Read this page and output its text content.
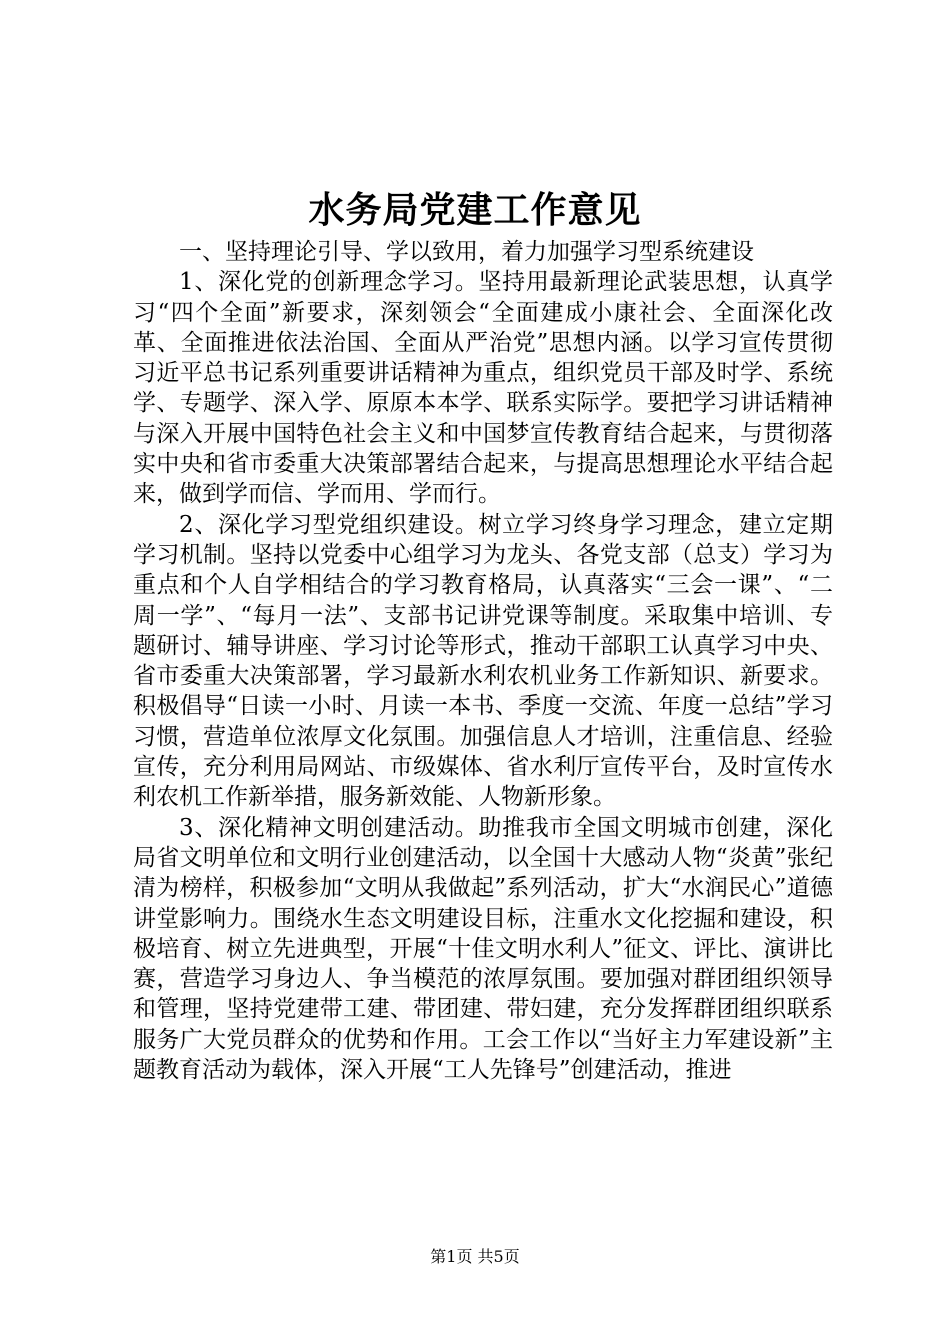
水务局党建工作意见

一、坚持理论引导、学以致用，着力加强学习型系统建设

1、深化党的创新理念学习。坚持用最新理论武装思想，认真学习“四个全面”新要求，深刻领会“全面建成小康社会、全面深化改革、全面推进依法治国、全面从严治党”思想内涵。以学习宣传贯彻习近平总书记系列重要讲话精神为重点，组织党员干部及时学、系统学、专题学、深入学、原原本本学、联系实际学。要把学习讲话精神与深入开展中国特色社会主义和中国梦宣传教育结合起来，与贯彻落实中央和省市委重大决策部署结合起来，与提高思想理论水平结合起来，做到学而信、学而用、学而行。

2、深化学习型党组织建设。树立学习终身学习理念，建立定期学习机制。坚持以党委中心组学习为龙头、各党支部（总支）学习为重点和个人自学相结合的学习教育格局，认真落实“三会一课”、“二周一学”、“每月一法”、支部书记讲党课等制度。采取集中培训、专题研讨、辅导讲座、学习讨论等形式，推动干部职工认真学习中央、省市委重大决策部署，学习最新水利农机业务工作新知识、新要求。积极倡导“日读一小时、月读一本书、季度一交流、年度一总结”学习习惯，营造单位浓厚文化氛围。加强信息人才培训，注重信息、经验宣传，充分利用局网站、市级媒体、省水利厅宣传平台，及时宣传水利农机工作新举措，服务新效能、人物新形象。

3、深化精神文明创建活动。助推我市全国文明城市创建，深化局省文明单位和文明行业创建活动，以全国十大感动人物“炎黄”张纪清为榜样，积极参加“文明从我做起”系列活动，扩大“水润民心”道德讲堂影响力。围绕水生态文明建设目标，注重水文化挖掘和建设，积极培育、树立先进典型，开展“十佳文明水利人”征文、评比、演讲比赛，营造学习身边人、争当模范的浓厚氛围。要加强对群团组织领导和管理，坚持党建带工建、带团建、带妇建，充分发挥群团组织联系服务广大党员群众的优势和作用。工会工作以“当好主力军建设新”主题教育活动为载体，深入开展“工人先锋号”创建活动，推进

第1页 共5页
